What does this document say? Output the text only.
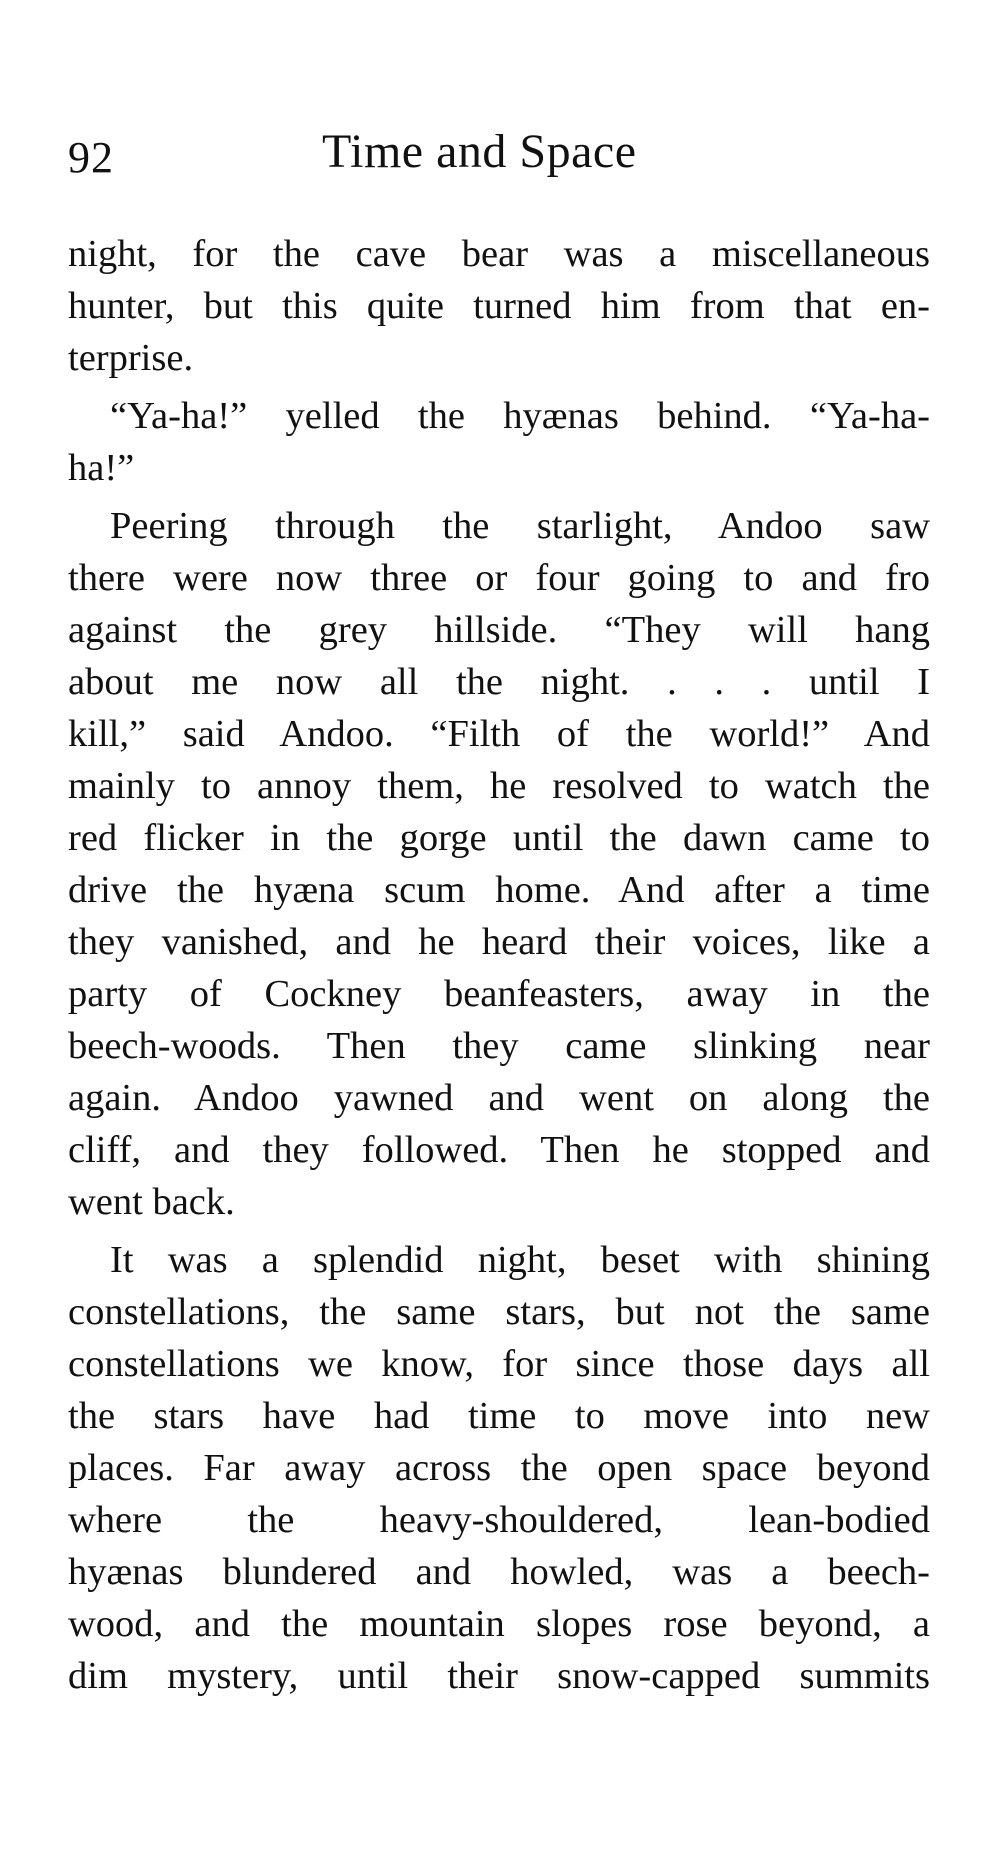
92	Time and Space
night, for the cave bear was a miscellaneous
hunter, but this quite turned him from that en-
terprise.
“Ya-ha!” yelled the hyænas behind. “Ya-ha-
ha!”
Peering through the starlight, Andoo saw
there were now three or four going to and fro
against the grey hillside. “They will hang
about me now all the night. . . . until I
kill,” said Andoo. “Filth of the world!” And
mainly to annoy them, he resolved to watch the
red flicker in the gorge until the dawn came to
drive the hyæna scum home. And after a time
they vanished, and he heard their voices, like a
party of Cockney beanfeasters, away in the
beech-woods. Then they came slinking near
again. Andoo yawned and went on along the
cliff, and they followed. Then he stopped and
went back.
It was a splendid night, beset with shining
constellations, the same stars, but not the same
constellations we know, for since those days all
the stars have had time to move into new
places. Far away across the open space beyond
where the heavy-shouldered, lean-bodied
hyænas blundered and howled, was a beech-
wood, and the mountain slopes rose beyond, a
dim mystery, until their snow-capped summits
